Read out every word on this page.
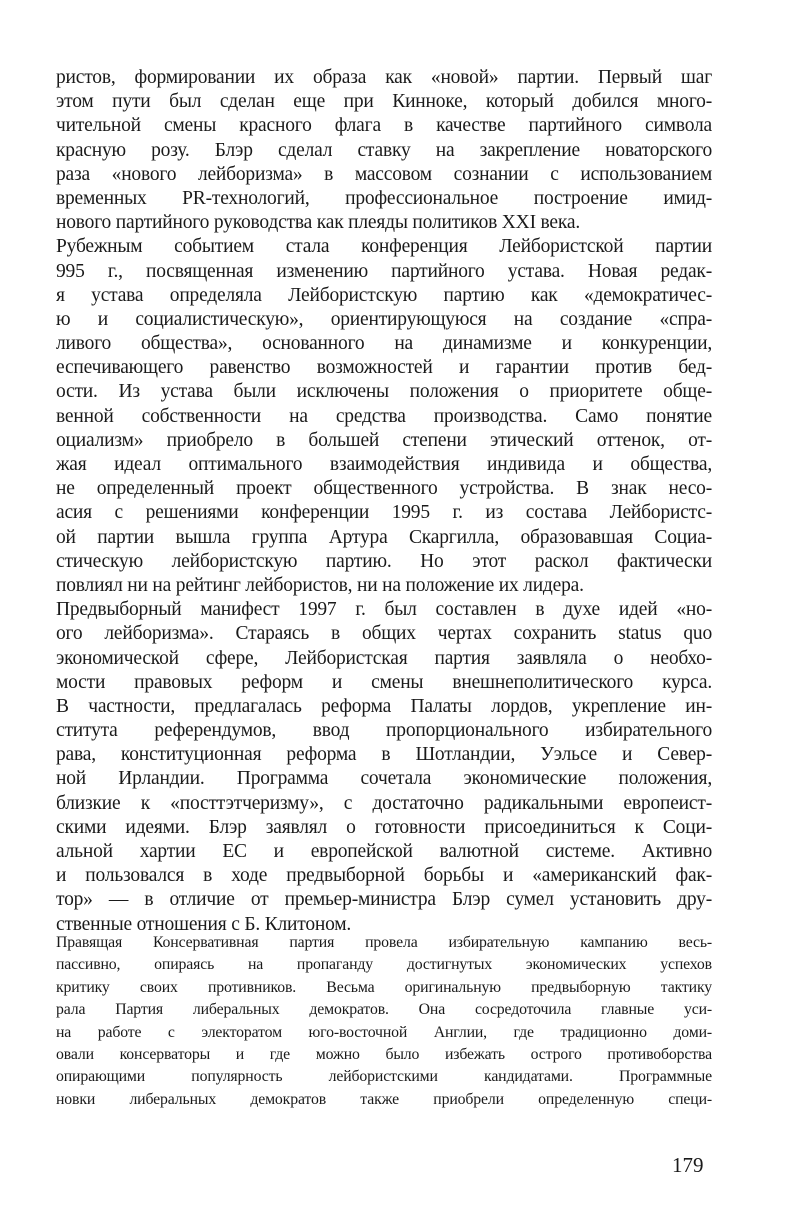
ристов, формировании их образа как «новой» партии. Первый шаг
этом пути был сделан еще при Кинноке, который добился много-
чительной смены красного флага в качестве партийного символа
красную розу. Блэр сделал ставку на закрепление новаторского
раза «нового лейборизма» в массовом сознании с использованием
временных PR-технологий, профессиональное построение имид-
нового партийного руководства как плеяды политиков XXI века.
Рубежным событием стала конференция Лейбористской партии
995 г., посвященная изменению партийного устава. Новая редак-
я устава определяла Лейбористскую партию как «демократичес-
ю и социалистическую», ориентирующуюся на создание «спра-
ливого общества», основанного на динамизме и конкуренции,
еспечивающего равенство возможностей и гарантии против бед-
ости. Из устава были исключены положения о приоритете обще-
венной собственности на средства производства. Само понятие
оциализм» приобрело в большей степени этический оттенок, от-
жая идеал оптимального взаимодействия индивида и общества,
не определенный проект общественного устройства. В знак несо-
асия с решениями конференции 1995 г. из состава Лейбористс-
ой партии вышла группа Артура Скаргилла, образовавшая Социа-
стическую лейбористскую партию. Но этот раскол фактически
повлиял ни на рейтинг лейбористов, ни на положение их лидера.
Предвыборный манифест 1997 г. был составлен в духе идей «но-
ого лейборизма». Стараясь в общих чертах сохранить status quo
экономической сфере, Лейбористская партия заявляла о необхо-
мости правовых реформ и смены внешнеполитического курса.
В частности, предлагалась реформа Палаты лордов, укрепление ин-
ститута референдумов, ввод пропорционального избирательного
рава, конституционная реформа в Шотландии, Уэльсе и Север-
ной Ирландии. Программа сочетала экономические положения,
близкие к «посттэтчеризму», с достаточно радикальными европеист-
скими идеями. Блэр заявлял о готовности присоединиться к Соци-
альной хартии ЕС и европейской валютной системе. Активно
и пользовался в ходе предвыборной борьбы и «американский фак-
тор» — в отличие от премьер-министра Блэр сумел установить дру-
ственные отношения с Б. Клитоном.
Правящая Консервативная партия провела избирательную кампанию весь-
пассивно, опираясь на пропаганду достигнутых экономических успехов
критику своих противников. Весьма оригинальную предвыборную тактику
рала Партия либеральных демократов. Она сосредоточила главные уси-
на работе с электоратом юго-восточной Англии, где традиционно доми-
овали консерваторы и где можно было избежать острого противоборства
опирающими популярность лейбористскими кандидатами. Программные
новки либеральных демократов также приобрели определенную специ-
179
